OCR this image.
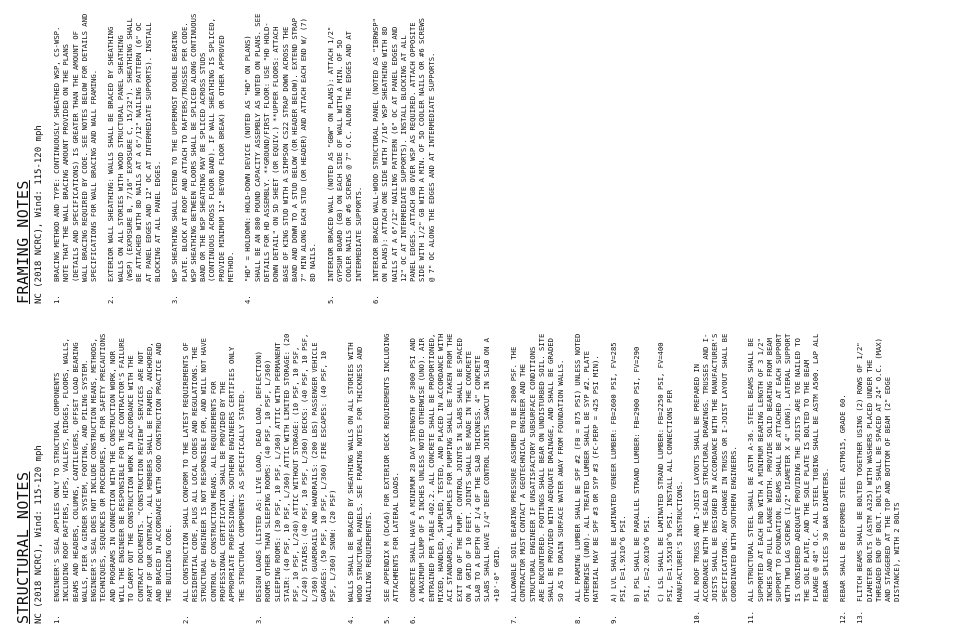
STRUCTURAL NOTES NC (2018 NCRC), Wind: 115-120 mph 1.
ENGINEER'S SEAL APPLIES ONLY TO STRUCTURAL COMPONENTS INCLUDING ROOF RAFTERS, HIPS, VALLEYS, RIDGES, FLOORS, WALLS, BEAMS AND HEADERS, COLUMNS, CANTILEVERS, OFFSET LOAD BEARING WALLS, PIER & GIRDER SYSTEM, FOOTING, AND PILING SYSTEM. ENGINEER'S SEAL DOES NOT INCLUDE CONSTRUCTION MEANS, METHODS, TECHNIQUES, SEQUENCES OR PROCEDURES, OR FOR SAFETY PRECAUTIONS AND PROGRAMS IN CONNECTION WITH THE CONSTRUCTION WORK, NOR WILL THE ENGINEER BE RESPONSIBLE FOR THE CONTRACTOR'S FAILURE TO CARRY OUT THE CONSTRUCTION WORK IN ACCORDANCE WITH THE CONTRACT DOCUMENTS. "CONSTRUCTION REVIEW" SERVICES ARE NOT PART OF OUR CONTRACT. ALL MEMBERS SHALL BE FRAMED, ANCHORED, AND BRACED IN ACCORDANCE WITH GOOD CONSTRUCTION PRACTICE AND THE BUILDING CODE.
2.
ALL CONSTRUCTION SHALL CONFORM TO THE LATEST REQUIREMENTS OF RESIDENTIAL CODE, PLUS ALL LOCAL CODES AND REGULATIONS. THE STRUCTURAL ENGINEER IS NOT RESPONSIBLE FOR, AND WILL NOT HAVE CONTROL OF CONSTRUCTION MEANS. ALL REQUIREMENTS FOR PROFESSIONAL CERTIFICATION SHALL BE PROVIDED BY THE APPROPRIATE PROFESSIONAL. SOUTHERN ENGINEERS CERTIFIES ONLY THE STRUCTURAL COMPONENTS AS SPECIFICALLY STATED.
3.
DESIGN LOADS (LISTED AS: LIVE LOAD, DEAD LOAD, DEFLECTION) ROOMS OTHER THAN SLEEPING ROOMS: (40 PSF, 10 PSF, L/360) SLEEPING ROOMS: (30 PSF, 10 PSF, L/360) ATTIC WITH PERMANENT STAIR: (40 PSF, 10 PSF, L/360) ATTIC WITH LIMITED STORAGE: (20 PSF, 10 PSF, L/240) ATTIC WITHOUT STORAGE: (10 PSF, 10 PSF, L/240) STAIRS: (40 PSF, 10 PSF, L/360) DECKS: (40 PSF, 10 PSF, L/360) GUARDRAILS AND HANDRAILS: (200 LBS) PASSENGER VEHICLE GARAGES: (50 PSF, 10 PSF, L/360) FIRE ESCAPES: (40 PSF, 10 PSF, L/360) SNOW: (20 PSF)
4.
WALLS SHALL BE BRACED BY SHEATHING WALLS ON ALL STORIES WITH WOOD STRUCTURAL PANELS. SEE FRAMING NOTES FOR THICKNESS AND NAILING REQUIREMENTS.
5.
SEE APPENDIX M (DCA6) FOR EXTERIOR DECK REQUIREMENTS INCLUDING ATTACHMENTS FOR LATERAL LOADS.
6.
CONCRETE SHALL HAVE A MINIMUM 28 DAY STRENGTH OF 3000 PSI AND A MAXIMUM SLUMP OF 5 INCHES UNLESS NOTED OTHERWISE (UNO). AIR ENTRAINED PER TABLE 402.2. ALL CONCRETE SHALL BE PROPORTIONED, MIXED, HANDLED, SAMPLED, TESTED, AND PLACED IN ACCORDANCE WITH ACI STANDARDS. ALL SAMPLES FOR PUMPING SHALL BE TAKEN FROM THE EXIT END OF THE PUMP. CONTROL JOINTS IN SLABS SHALL BE SPACED ON A GRID OF 10 FEET. JOINTS SHALL BE MADE IN THE CONCRETE SLAB TO A DEPTH OF 1/4 OF THE SLAB THICKNESS. 4" CONCRETE SLABS SHALL HAVE 1/4" DEEP CONTROL JOINTS SAWCUT IN SLAB ON A +10'-0" GRID.
7.
ALLOWABLE SOIL BEARING PRESSURE ASSUMED TO BE 2000 PSF. THE CONTRACTOR MUST CONTACT A GEOTECHNICAL ENGINEER AND THE STRUCTURAL ENGINEER IF UNSATISFACTORY SUBSURFACE CONDITIONS ARE ENCOUNTERED. FOOTINGS SHALL BEAR ON UNDISTURBED SOIL. SITE SHALL BE PROVIDED WITH ADEQUATE DRAINAGE, AND SHALL BE GRADED SO AS TO DRAIN SURFACE WATER AWAY FROM FOUNDATION WALLS.
8.
ALL FRAMING LUMBER SHALL BE SPF #2 (FB = 875 PSI) UNLESS NOTED OTHERWISE (UNO). ALL TREATED LUMBER SHALL BE SYP #2. PLATE MATERIAL MAY BE SPF #3 OR SYP #3 (FC-PERP = 425 PSI MIN).
9.
A) LVL SHALL BE LAMINATED VENEER LUMBER: FB=2600 PSI, FV=285 PSI, E=1.9X10^6 PSI. B) PSL SHALL BE PARALLEL STRAND LUMBER: FB=2900 PSI, FV=290 PSI, E=2.0X10^6 PSI. C) LSL SHALL BE LAMINATED STRAND LUMBER: FB=2250 PSI, FV=400 PSI, E=1.55X10^6 PSI. INSTALL ALL CONNECTIONS PER MANUFACTURER'S INSTRUCTIONS.
10.
ALL ROOF TRUSS AND I-JOIST LAYOUTS SHALL BE PREPARED IN ACCORDANCE WITH THE SEALED STRUCTURAL DRAWINGS. TRUSSES AND I-JOISTS SHALL BE DESIGNED IN ACCORDANCE WITH THE MANUFACTURER'S SPECIFICATIONS. ANY CHANGE IN TRUSS OR I-JOIST LAYOUT SHALL BE COORDINATED WITH SOUTHERN ENGINEERS.
11.
ALL STRUCTURAL STEEL SHALL BE ASTM A-36. STEEL BEAMS SHALL BE SUPPORTED AT EACH END WITH A MINIMUM BEARING LENGTH OF 3 1/2" INCHES AND FULL FLANGE WIDTH. PROVIDE SOLID BEARING FROM BEAM SUPPORT TO FOUNDATION. BEAMS SHALL BE ATTACHED AT EACH SUPPORT WITH TWO LAG SCREWS (1/2" DIAMETER X 4" LONG). LATERAL SUPPORT IS CONSIDERED ADEQUATE PROVIDING THE JOISTS ARE TOE NAILED TO THE SOLE PLATE, AND THE SOLE PLATE IS BOLTED TO THE BEAM FLANGE @ 48" O.C. ALL STEEL TUBING SHALL BE ASTM A500. LAP ALL REBAR SPLICES 30 BAR DIAMETERS.
12.
REBAR SHALL BE DEFORMED STEEL ASTM615, GRADE 60.
13.
FLITCH BEAMS SHALL BE BOLTED TOGETHER USING (2) ROWS OF 1/2" DIAMETER BOLTS (ASTM A325) WITH WASHERS PLACED UNDER THE THREADED END OF BOLT. BOLTS SHALL BE SPACED AT 24" O.C. (MAX) AND STAGGERED AT THE TOP AND BOTTOM OF BEAM (2" EDGE DISTANCE), WITH 2 BOLTS
FRAMING NOTES NC (2018 NCRC), Wind: 115-120 mph 1.
BRACING METHOD AND TYPE: CONTINUOUSLY SHEATHED WSP, CS-WSP. NOTE THAT THE WALL BRACING AMOUNT PROVIDED ON THE PLANS (DETAILS AND SPECIFICATIONS) IS GREATER THAN THE AMOUNT OF WALL BRACING REQUIRED BY CODE. SEE NOTES BELOW FOR DETAILS AND SPECIFICATIONS FOR WALL BRACING AND WALL FRAMING.
2.
EXTERIOR WALL SHEATHING: WALLS SHALL BE BRACED BY SHEATHING WALLS ON ALL STORIES WITH WOOD STRUCTURAL PANEL SHEATHING (WSP) (EXPOSURE B, 7/16" EXPOSURE C, 15/32"). SHEATHING SHALL BE ATTACHED WITH 8D NAILS AT A 6"/12" NAILING PATTERN (6" OC AT PANEL EDGES AND 12" OC AT INTERMEDIATE SUPPORTS). INSTALL BLOCKING AT ALL PANEL EDGES.
3.
WSP SHEATHING SHALL EXTEND TO THE UPPERMOST DOUBLE BEARING PLATE. BLOCK AT ROOF AND ATTACH TO RAFTERS/TRUSSES PER CODE. WSP SHEATHING BETWEEN FLOORS SHALL BE SPLICED ALONG CONTINUOUS BAND OR THE WSP SHEATHING MAY BE SPLICED ACROSS STUDS (CONTINUOUS ACROSS FLOOR BAND). IF WALL SHEATHING IS SPLICED, PROVIDE MINIMUM 12" BEYOND FLOOR BREAK) OR OTHER APPROVED METHOD.
4.
"HD" = HOLDOWN: HOLD-DOWN DEVICE (NOTED AS "HD" ON PLANS) SHALL BE AN 800 POUND CAPACITY ASSEMBLY AS NOTED ON PLANS. SEE DETAILS FOR HD ASSEMBLY. **GROUND/FIRST FLOOR: USE "HD HOLD-DOWN DETAIL" ON SD SHEET (OR EQUIV.) **UPPER FLOORS: ATTACH BASE OF KING STUD WITH A SIMPSON CS22 STRAP DOWN ACROSS THE BAND AND DOWN TO A STUD BELOW (OR HEADER BELOW). EXTEND STRAP 7" MIN ALONG EACH STUD (OR HEADER) AND ATTACH EACH END W/ (7) 8D NAILS.
5.
INTERIOR BRACED WALL (NOTED AS "GBW" ON PLANS): ATTACH 1/2" GYPSUM BOARD (GB) ON EACH SIDE OF WALL WITH A MIN. OF 5D COOLER NAILS OR #6 SCREWS @ 7" O.C. ALONG THE EDGES AND AT INTERMEDIATE SUPPORTS.
6.
INTERIOR BRACED WALL-WOOD STRUCTURAL PANEL (NOTED AS "IBRWSP" ON PLANS): ATTACH ONE SIDE WITH 7/16" WSP SHEATHING WITH 8D NAILS AT A 6"/12" NAILING PATTERN (6" OC AT PANEL EDGES AND 12" OC AT INTERMEDIATE SUPPORTS). INSTALL BLOCKING AT ALL PANEL EDGES. ATTACH GB OVER WSP AS REQUIRED. ATTACH OPPOSITE SIDE WITH 1/2" GB WITH A MIN. OF 5D COOLER NAILS OR #6 SCREWS @ 7" OC ALONG THE EDGES AND AT INTERMEDIATE SUPPORTS.
